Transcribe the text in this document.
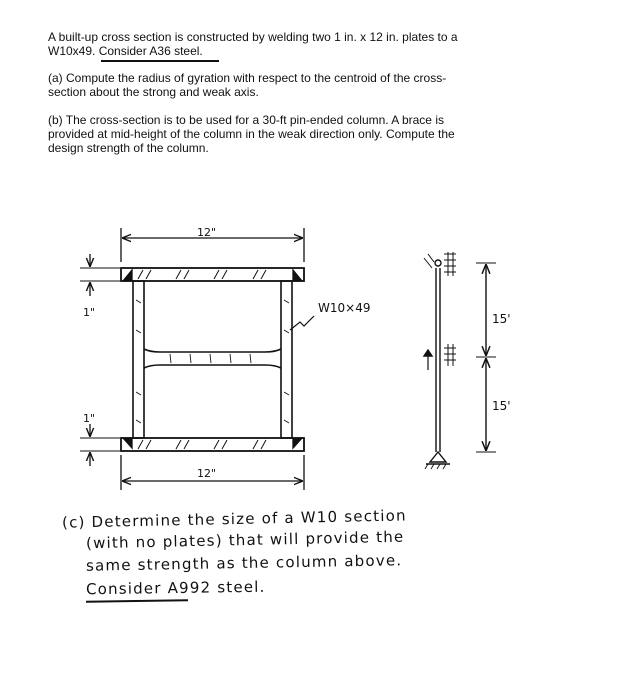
A built-up cross section is constructed by welding two 1 in. x 12 in. plates to a
W10x49. Consider A36 steel.
(a) Compute the radius of gyration with respect to the centroid of the cross-
section about the strong and weak axis.
(b) The cross-section is to be used for a 30-ft pin-ended column. A brace is
provided at mid-height of the column in the weak direction only. Compute the
design strength of the column.
12"
12"
1"
1"
W10×49
15'
15'
(c) Determine the size of a W10 section
(with no plates) that will provide the
same strength as the column above.
Consider A992 steel.
